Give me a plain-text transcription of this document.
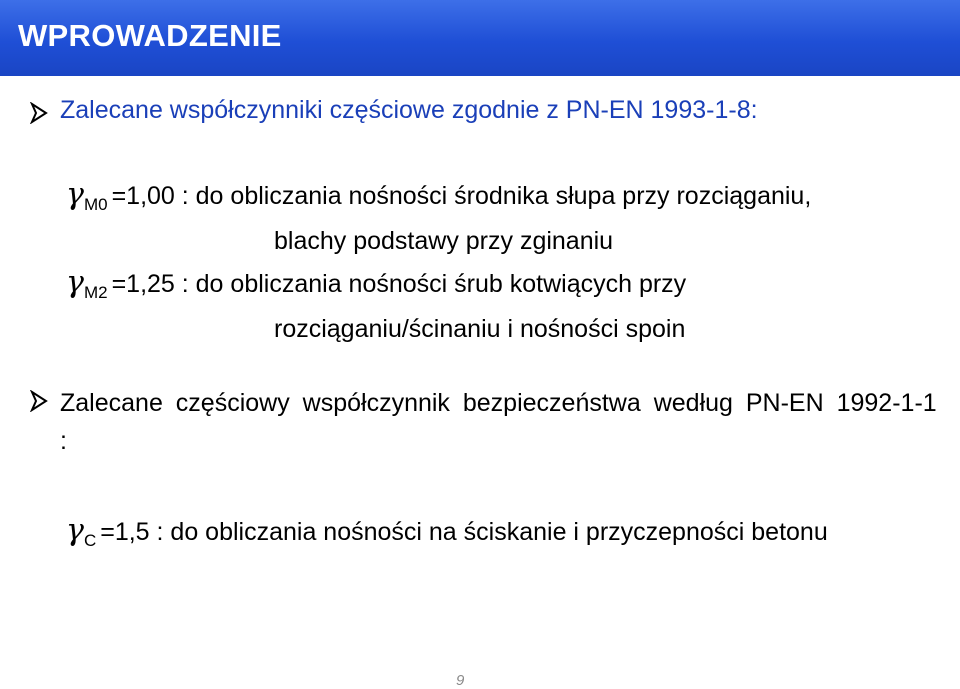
WPROWADZENIE
Zalecane współczynniki częściowe zgodnie z PN-EN 1993-1-8:
γ M0 =1,00 : do obliczania nośności środnika słupa przy rozciąganiu,
blachy podstawy przy zginaniu
γ M2 =1,25 : do obliczania nośności śrub kotwiących przy
rozciąganiu/ścinaniu i nośności spoin
Zalecane częściowy współczynnik bezpieczeństwa według PN-EN 1992-1-1 :
γ C =1,5 : do obliczania nośności na ściskanie i przyczepności betonu
9
